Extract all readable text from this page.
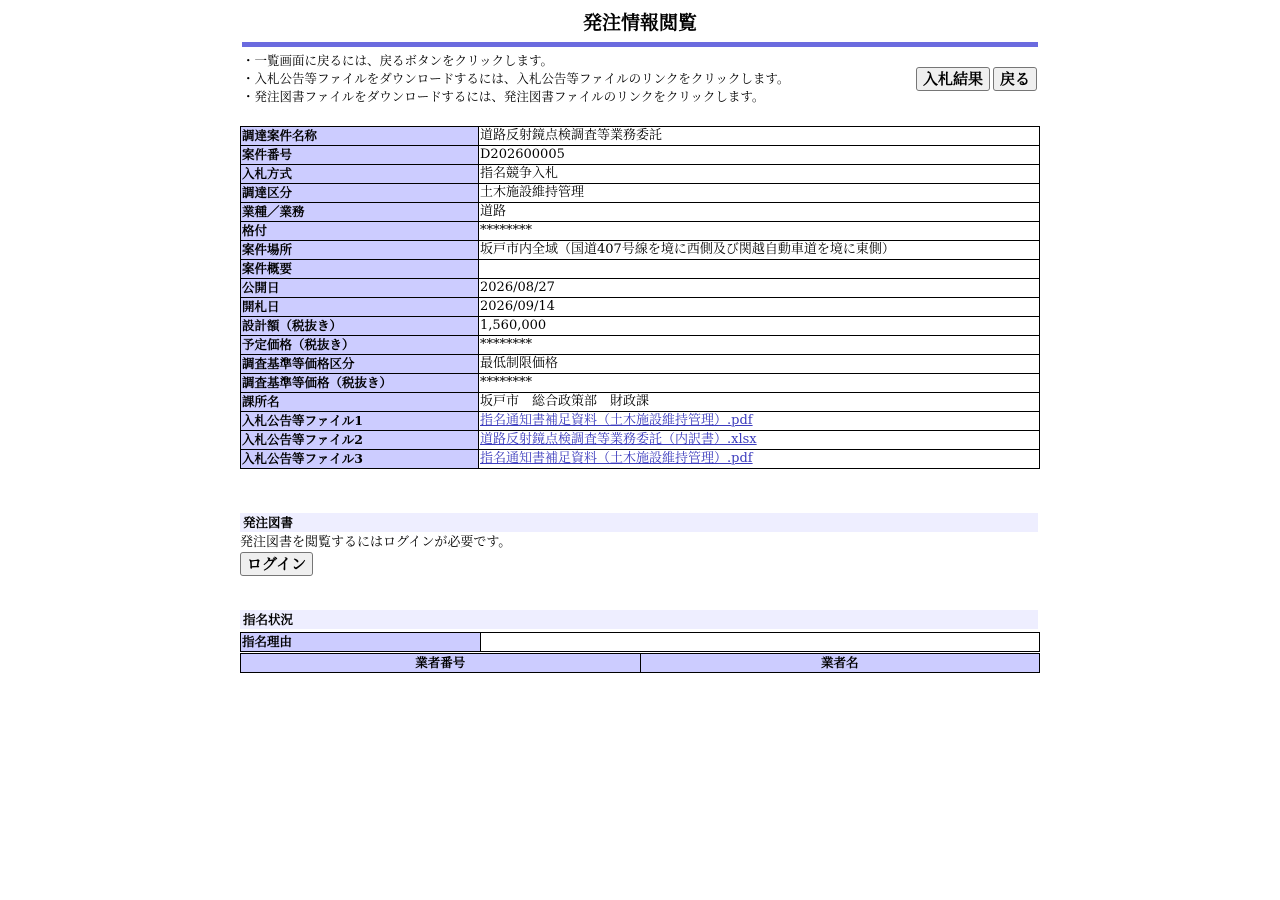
発注情報閲覧
・一覧画面に戻るには、戻るボタンをクリックします。
・入札公告等ファイルをダウンロードするには、入札公告等ファイルのリンクをクリックします。
・発注図書ファイルをダウンロードするには、発注図書ファイルのリンクをクリックします。
入札結果	戻る
調達案件名称	道路反射鏡点検調査等業務委託
案件番号	D202600005
入札方式	指名競争入札
調達区分	土木施設維持管理
業種／業務	道路
格付	********
案件場所	坂戸市内全域（国道407号線を境に西側及び関越自動車道を境に東側）
案件概要	
公開日	2026/08/27
開札日	2026/09/14
設計額（税抜き）	1,560,000
予定価格（税抜き）	********
調査基準等価格区分	最低制限価格
調査基準等価格（税抜き）	********
課所名	坂戸市　総合政策部　財政課
入札公告等ファイル1	指名通知書補足資料（土木施設維持管理）.pdf
入札公告等ファイル2	道路反射鏡点検調査等業務委託（内訳書）.xlsx
入札公告等ファイル3	指名通知書補足資料（土木施設維持管理）.pdf
発注図書
発注図書を閲覧するにはログインが必要です。
ログイン
指名状況
指名理由	
業者番号	業者名
